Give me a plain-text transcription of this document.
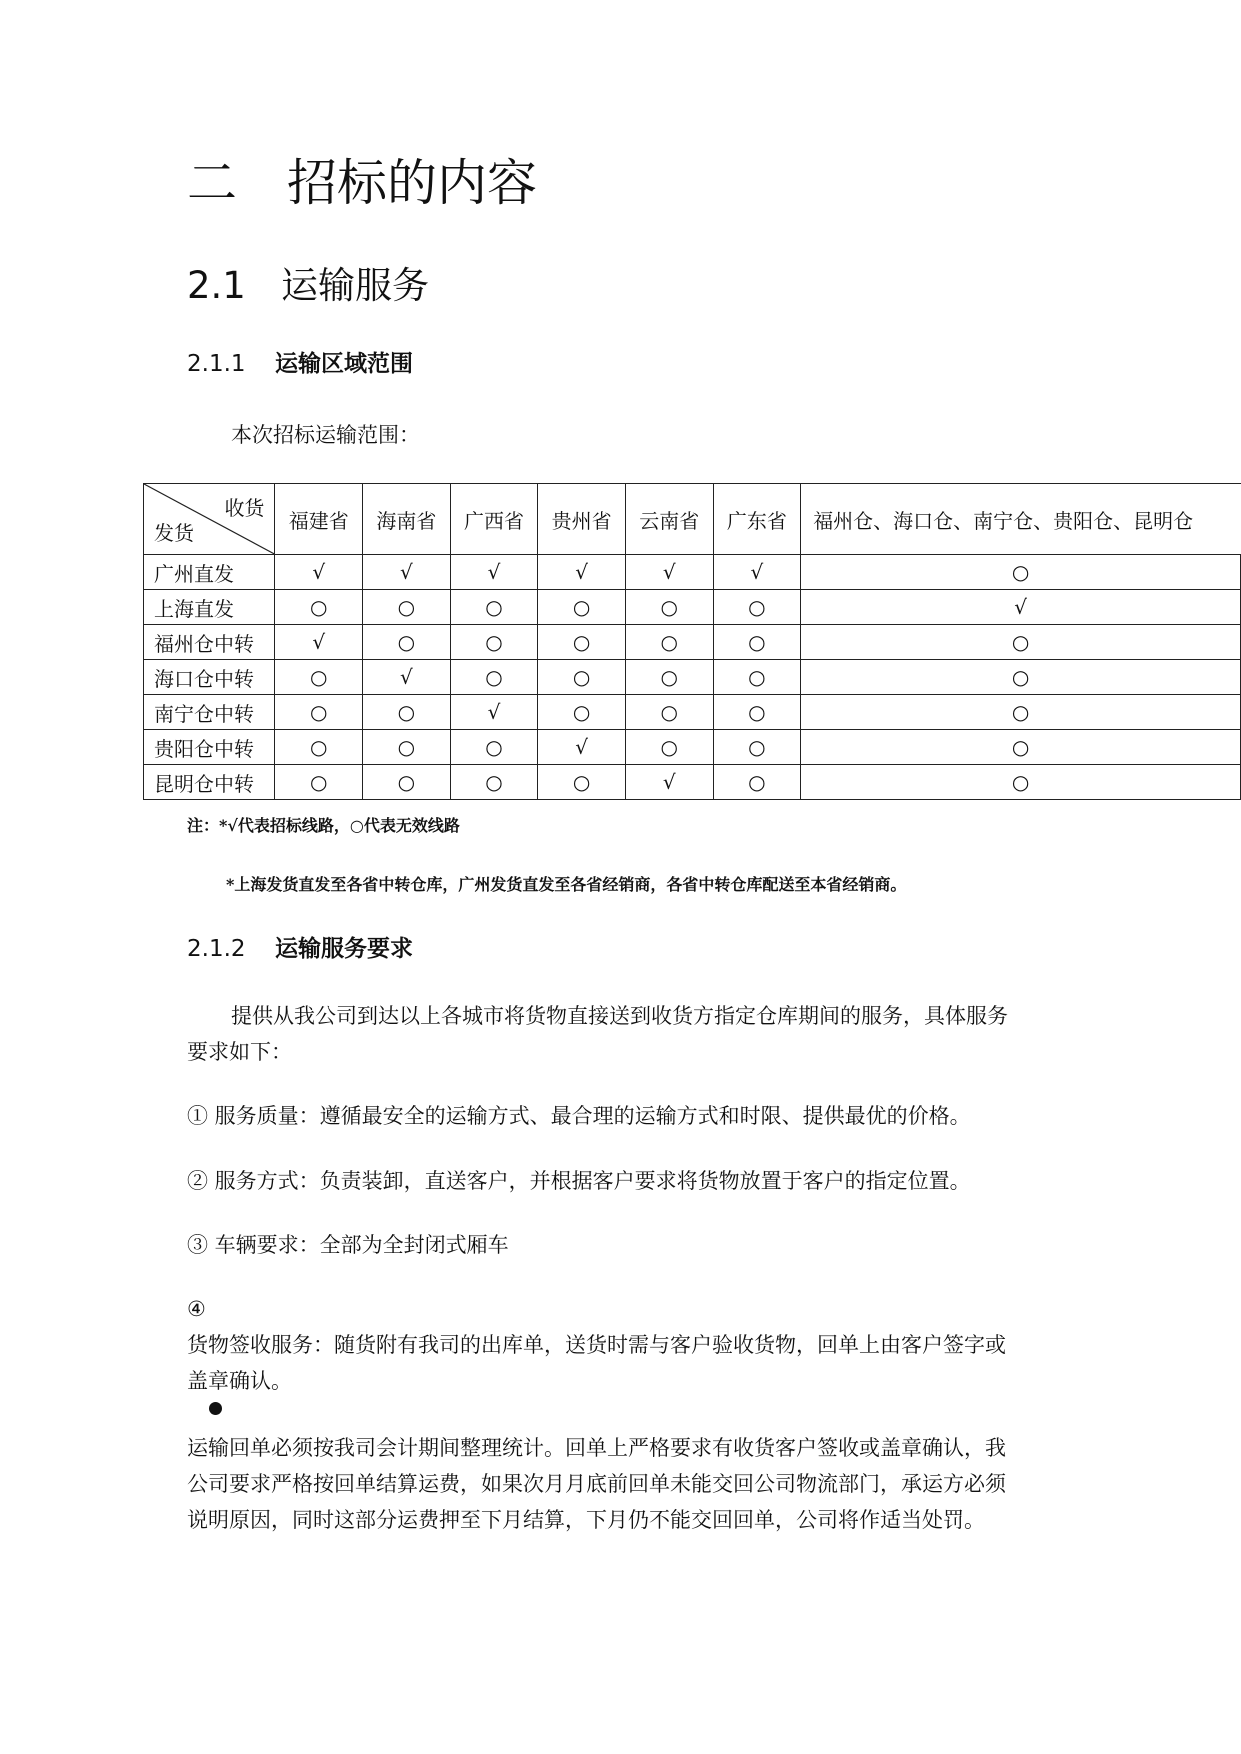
二 招标的内容
2.1 运输服务
2.1.1 运输区域范围

本次招标运输范围：

收货
发货	福建省	海南省	广西省	贵州省	云南省	广东省	福州仓、海口仓、南宁仓、贵阳仓、昆明仓
广州直发	√	√	√	√	√	√	○
上海直发	○	○	○	○	○	○	√
福州仓中转	√	○	○	○	○	○	○
海口仓中转	○	√	○	○	○	○	○
南宁仓中转	○	○	√	○	○	○	○
贵阳仓中转	○	○	○	√	○	○	○
昆明仓中转	○	○	○	○	√	○	○

注：*√代表招标线路，○代表无效线路

*上海发货直发至各省中转仓库，广州发货直发至各省经销商，各省中转仓库配送至本省经销商。

2.1.2 运输服务要求

提供从我公司到达以上各城市将货物直接送到收货方指定仓库期间的服务，具体服务

要求如下：

① 服务质量：遵循最安全的运输方式、最合理的运输方式和时限、提供最优的价格。

② 服务方式：负责装卸，直送客户，并根据客户要求将货物放置于客户的指定位置。

③ 车辆要求：全部为全封闭式厢车

④

货物签收服务：随货附有我司的出库单，送货时需与客户验收货物，回单上由客户签字或

盖章确认。

运输回单必须按我司会计期间整理统计。回单上严格要求有收货客户签收或盖章确认，我

公司要求严格按回单结算运费，如果次月月底前回单未能交回公司物流部门，承运方必须

说明原因，同时这部分运费押至下月结算，下月仍不能交回回单，公司将作适当处罚。
